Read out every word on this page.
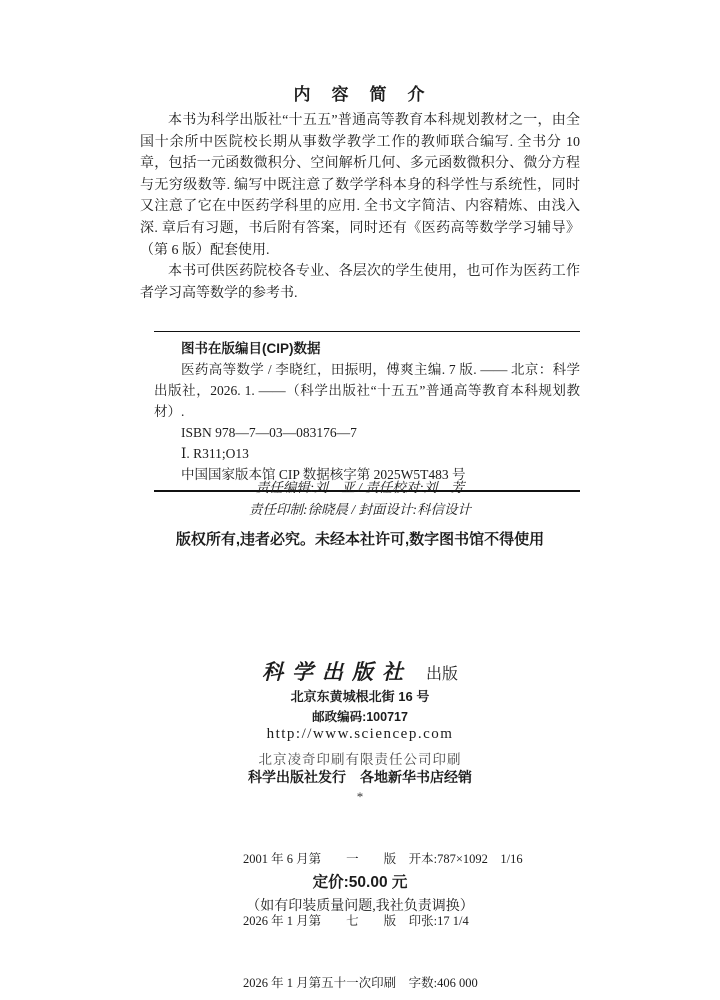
内　容　简　介

本书为科学出版社“十五五”普通高等教育本科规划教材之一，由全国十余所中医院校长期从事数学教学工作的教师联合编写. 全书分 10 章，包括一元函数微积分、空间解析几何、多元函数微积分、微分方程与无穷级数等. 编写中既注意了数学学科本身的科学性与系统性，同时又注意了它在中医药学科里的应用. 全书文字简洁、内容精炼、由浅入深. 章后有习题，书后附有答案，同时还有《医药高等数学学习辅导》（第 6 版）配套使用.

本书可供医药院校各专业、各层次的学生使用，也可作为医药工作者学习高等数学的参考书.

图书在版编目(CIP)数据

医药高等数学 / 李晓红，田振明，傅爽主编. 7 版. —— 北京：科学出版社，2026. 1. ——（科学出版社“十五五”普通高等教育本科规划教材）.

ISBN 978—7—03—083176—7

Ⅰ. R311;O13

中国国家版本馆 CIP 数据核字第 2025W5T483 号

责任编辑:刘　亚 / 责任校对:刘　芳
责任印制:徐晓晨 / 封面设计:科信设计
版权所有,违者必究。未经本社许可,数字图书馆不得使用
科学出版社 出版
北京东黄城根北街 16 号
邮政编码:100717
http://www.sciencep.com
北京凌奇印刷有限责任公司印刷
科学出版社发行　各地新华书店经销
*

2001 年 6 月第　　一　　版　开本:787×1092　1/16

2026 年 1 月第　　七　　版　印张:17 1/4

2026 年 1 月第五十一次印刷　字数:406 000

定价:50.00 元
（如有印装质量问题,我社负责调换）
